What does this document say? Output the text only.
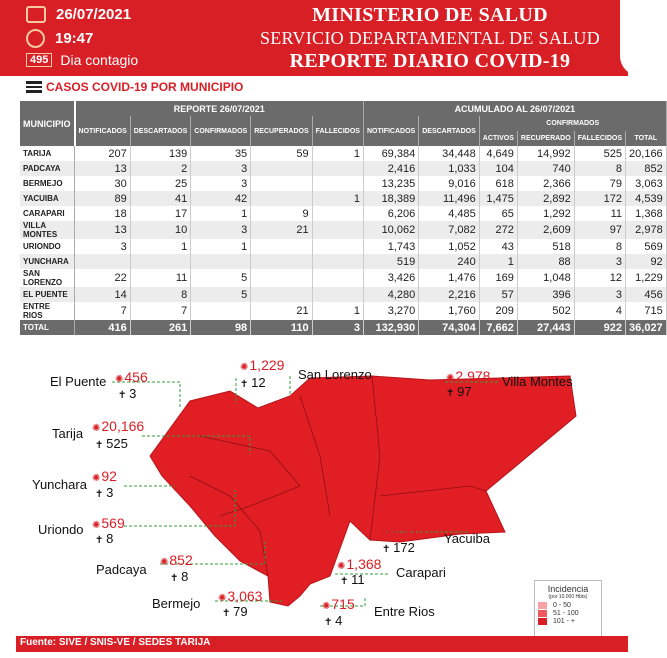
26/07/2021
19:47
495 Dia contagio
MINISTERIO DE SALUD
SERVICIO DEPARTAMENTAL DE SALUD
REPORTE DIARIO COVID-19
CASOS COVID-19 POR MUNICIPIO
MUNICIPIO	REPORTE 26/07/2021					ACUMULADO AL 26/07/2021					
	NOTIFICADOS	DESCARTADOS	CONFIRMADOS	RECUPERADOS	FALLECIDOS	NOTIFICADOS	DESCARTADOS	CONFIRMADOS			
								ACTIVOS	RECUPERADO	FALLECIDOS	TOTAL
TARIJA	207	139	35	59	1		69,384	34,448	4,649	14,992	525	20,166
PADCAYA	13	2	3				2,416	1,033	104	740	8	852
BERMEJO	30	25	3				13,235	9,016	618	2,366	79	3,063
YACUIBA	89	41	42		1		18,389	11,496	1,475	2,892	172	4,539
CARAPARI	18	17	1	9			6,206	4,485	65	1,292	11	1,368
VILLA MONTES	13	10	3	21			10,062	7,082	272	2,609	97	2,978
URIONDO	3	1	1				1,743	1,052	43	518	8	569
YUNCHARA							519	240	1	88	3	92
SAN LORENZO	22	11	5				3,426	1,476	169	1,048	12	1,229
EL PUENTE	14	8	5				4,280	2,216	57	396	3	456
ENTRE RIOS	7	7		21	1		3,270	1,760	209	502	4	715
TOTAL	416	261	98	110	3		132,930	74,304	7,662	27,443	922	36,027
El Puente	✺ 456
✝ 3
San Lorenzo
✺ 1,229
✝ 12	Villa Montes
✺ 2,978
✝ 97
Tarija	✺ 20,166
✝ 525
Yunchara
✺ 92
✝ 3
Uriondo	✺ 569
✝ 8	Yacuiba
✺ 4,539
✝ 172
Padcaya
✺ 852
✝ 8	Carapari
✺ 1,368
✝ 11
Bermejo	✺ 3,063
✝ 79	Entre Rios
✺ 715
✝ 4
Incidencia
(por 10.000 Hbts)
0 - 50
51 - 100
101 - +
Fuente: SIVE / SNIS-VE / SEDES TARIJA
